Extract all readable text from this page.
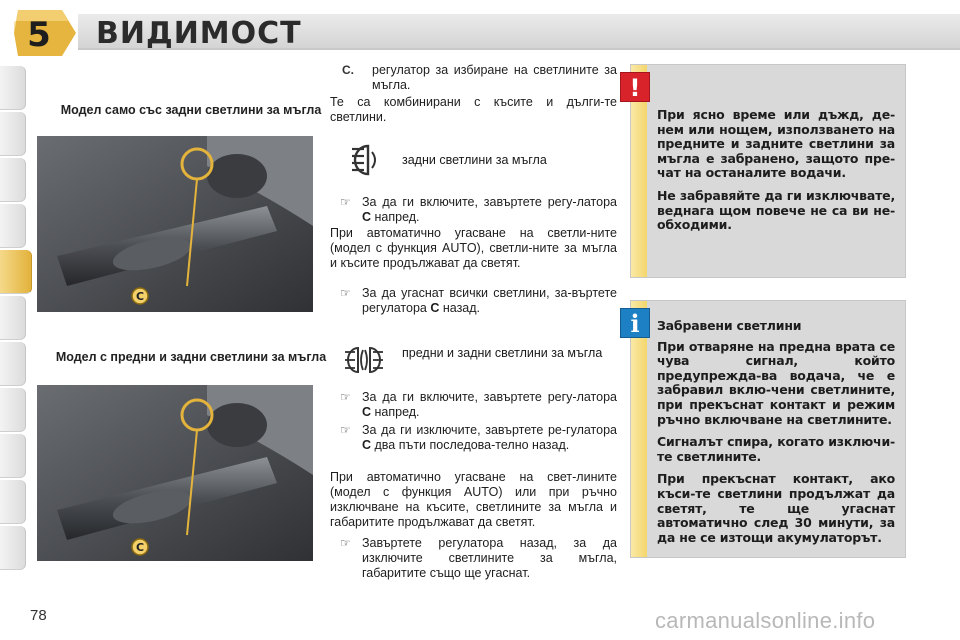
5 ВИДИМОСТ
Модел само със задни светлини за мъгла
C
Модел с предни и задни светлини за мъгла
C
C. регулатор за избиране на светлините за мъгла.

Те са комбинирани с късите и дълги-те светлини.

задни светлини за мъгла
☞ За да ги включите, завъртете регу-латора C напред.

При автоматично угасване на светли-ните (модел с функция AUTO), светли-ните за мъгла и късите продължават да светят.

☞ За да угаснат всички светлини, за-въртете регулатора C назад.
предни и задни светлини за мъгла
☞ За да ги включите, завъртете регу-латора C напред.
☞ За да ги изключите, завъртете ре-гулатора C два пъти последова-телно назад.

При автоматично угасване на свет-лините (модел с функция AUTO) или при ръчно изключване на късите, светлините за мъгла и габаритите продължават да светят.

☞ Завъртете регулатора назад, за да изключите светлините за мъгла, габаритите също ще угаснат.

При ясно време или дъжд, де-нем или нощем, използването на предните и задните светлини за мъгла е забранено, защото пре-чат на останалите водачи.

Не забравяйте да ги изключвате, веднага щом повече не са ви не-обходими.

!

Забравени светлини

При отваряне на предна врата се чува сигнал, който предупрежда-ва водача, че е забравил вклю-чени светлините, при прекъснат контакт и режим ръчно включване на светлините.

Сигналът спира, когато изключи-те светлините.

При прекъснат контакт, ако къси-те светлини продължат да светят, те ще угаснат автоматично след 30 минути, за да не се изтощи акумулаторът.

i
78	carmanualsonline.info
